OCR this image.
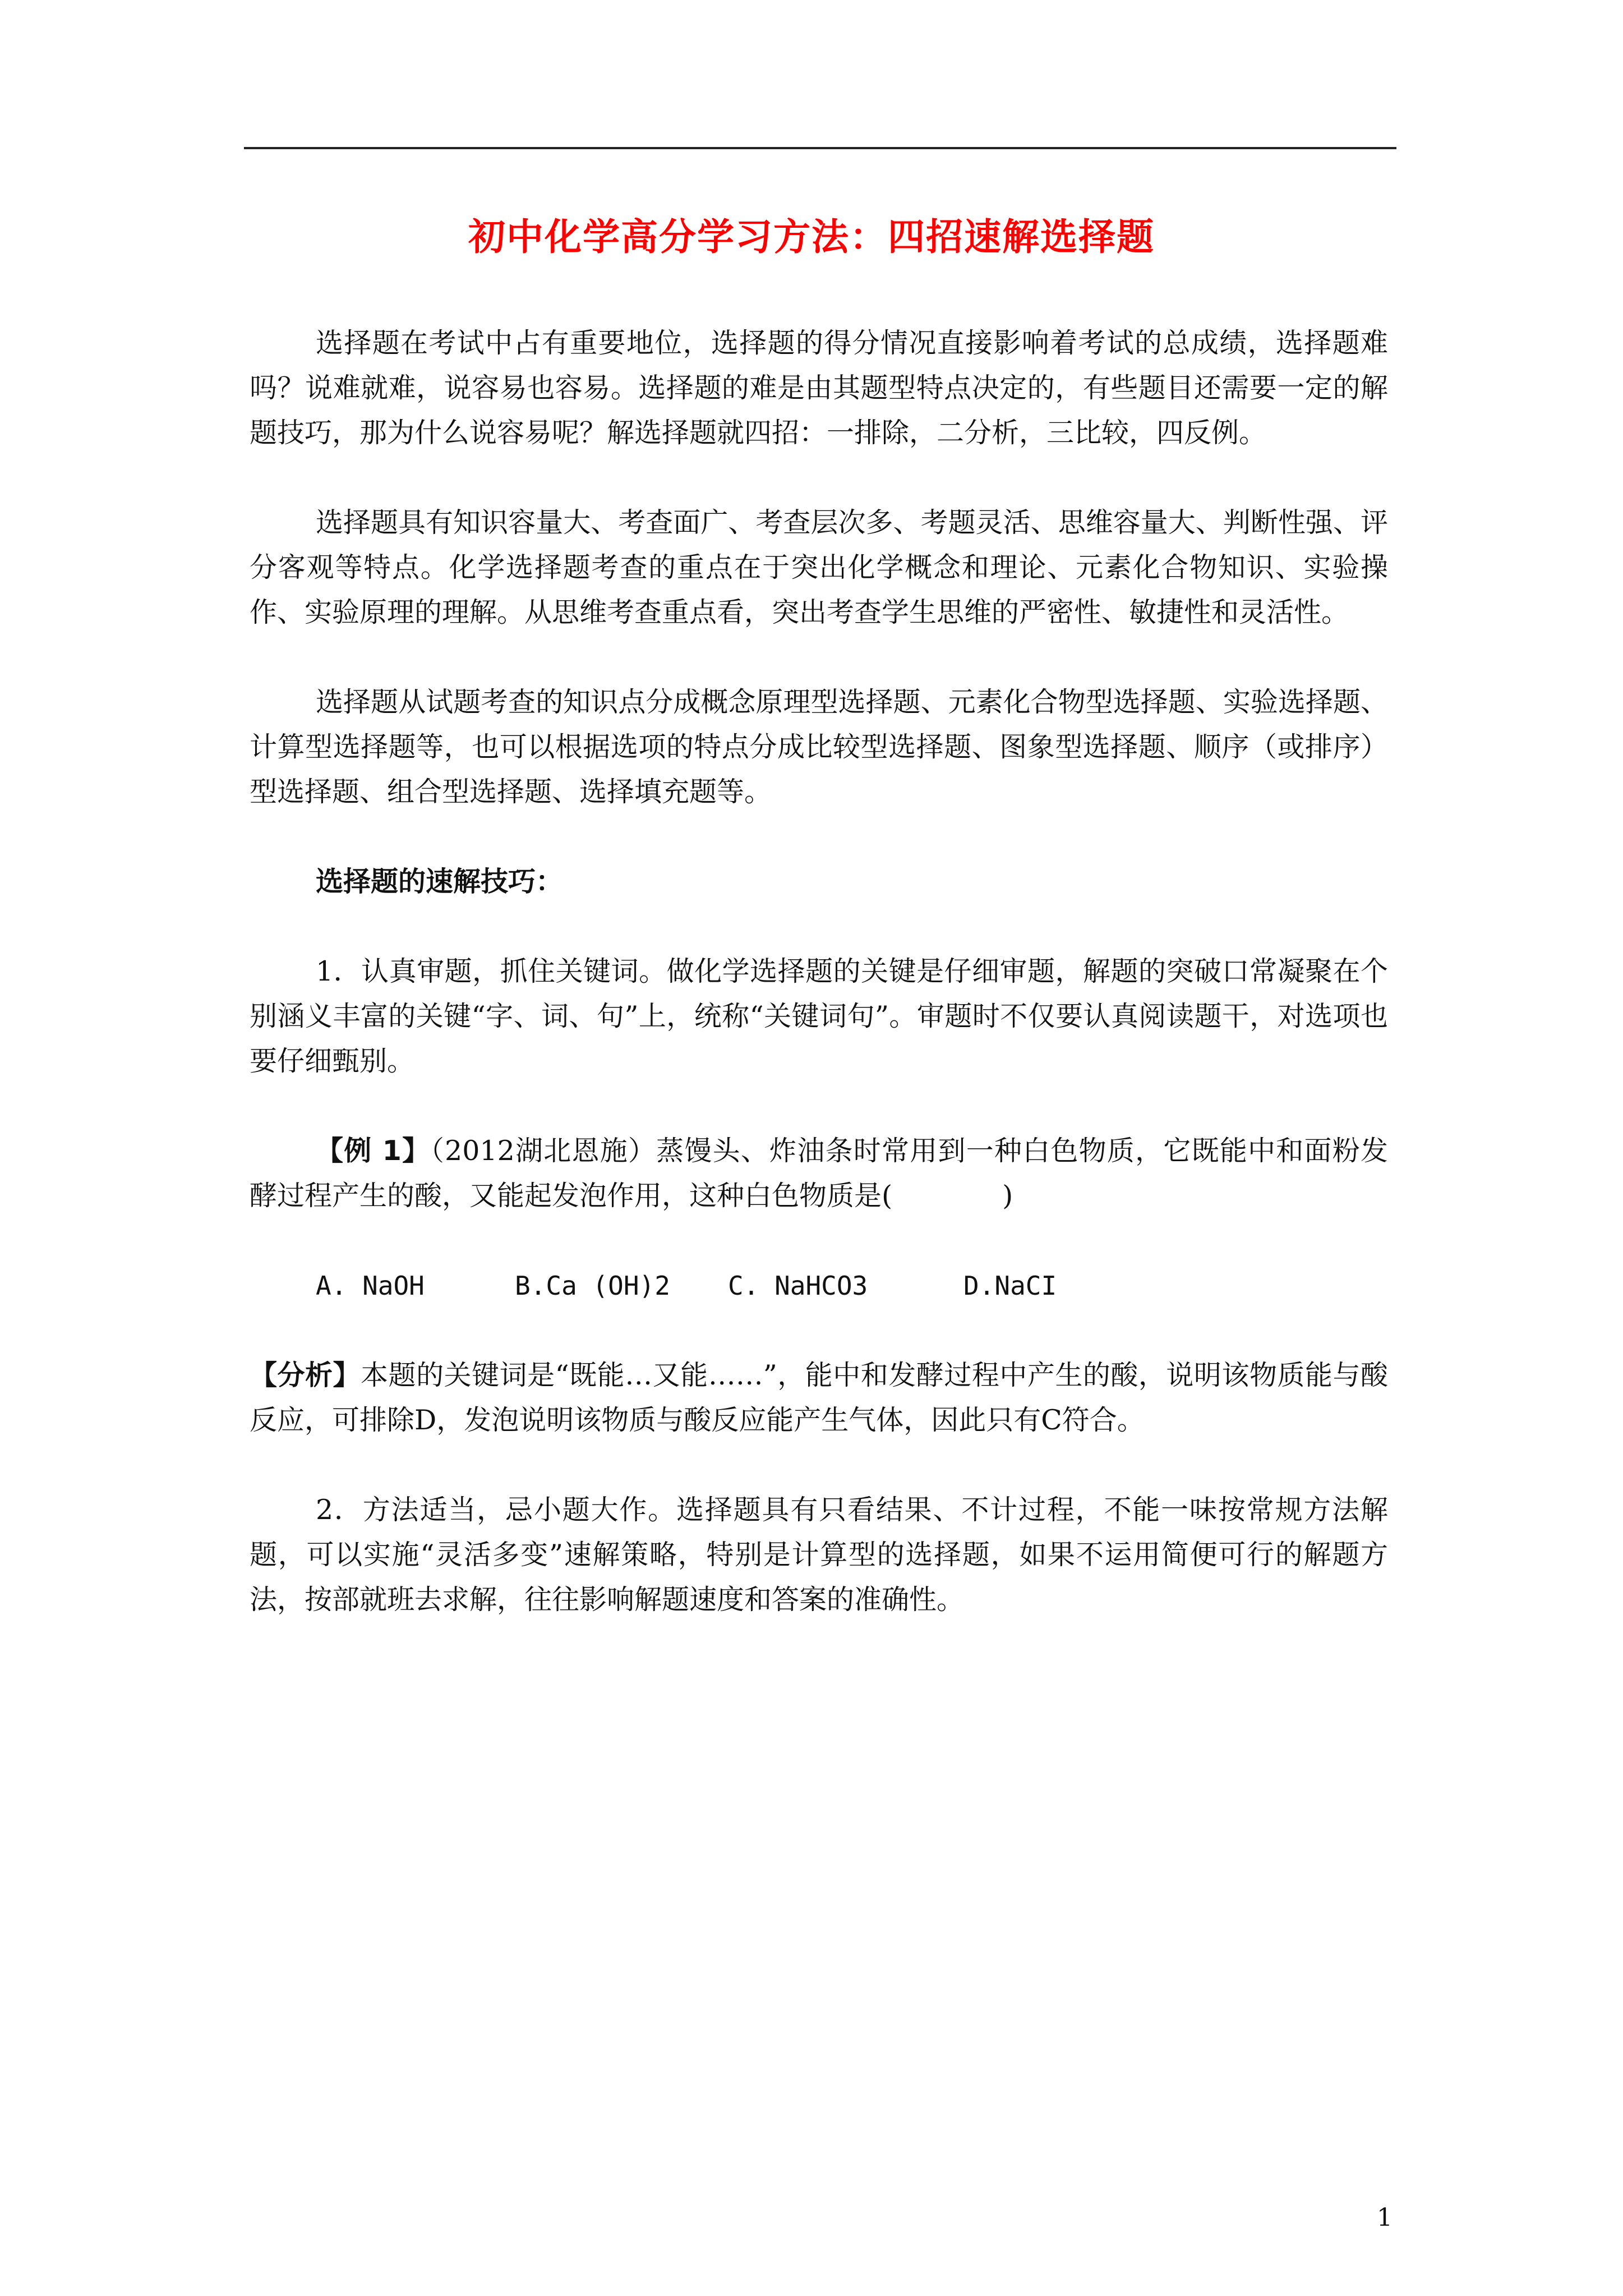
初中化学高分学习方法：四招速解选择题

选择题在考试中占有重要地位，选择题的得分情况直接影响着考试的总成绩，选择题难吗？说难就难，说容易也容易。选择题的难是由其题型特点决定的，有些题目还需要一定的解题技巧，那为什么说容易呢？解选择题就四招：一排除，二分析，三比较，四反例。

选择题具有知识容量大、考查面广、考查层次多、考题灵活、思维容量大、判断性强、评分客观等特点。化学选择题考查的重点在于突出化学概念和理论、元素化合物知识、实验操作、实验原理的理解。从思维考查重点看，突出考查学生思维的严密性、敏捷性和灵活性。

选择题从试题考查的知识点分成概念原理型选择题、元素化合物型选择题、实验选择题、计算型选择题等，也可以根据选项的特点分成比较型选择题、图象型选择题、顺序（或排序）型选择题、组合型选择题、选择填充题等。

选择题的速解技巧：

1．认真审题，抓住关键词。做化学选择题的关键是仔细审题，解题的突破口常凝聚在个别涵义丰富的关键“字、词、句”上，统称“关键词句”。审题时不仅要认真阅读题干，对选项也要仔细甄别。

【例 1】（2012湖北恩施）蒸馒头、炸油条时常用到一种白色物质，它既能中和面粉发酵过程产生的酸，又能起发泡作用，这种白色物质是(　　　　)

A. NaOH	B.Ca (OH)2 C. NaHCO3	D.NaCI

【分析】本题的关键词是“既能…又能……”，能中和发酵过程中产生的酸，说明该物质能与酸反应，可排除D，发泡说明该物质与酸反应能产生气体，因此只有C符合。

2．方法适当，忌小题大作。选择题具有只看结果、不计过程，不能一味按常规方法解题，可以实施“灵活多变”速解策略，特别是计算型的选择题，如果不运用简便可行的解题方法，按部就班去求解，往往影响解题速度和答案的准确性。

1
